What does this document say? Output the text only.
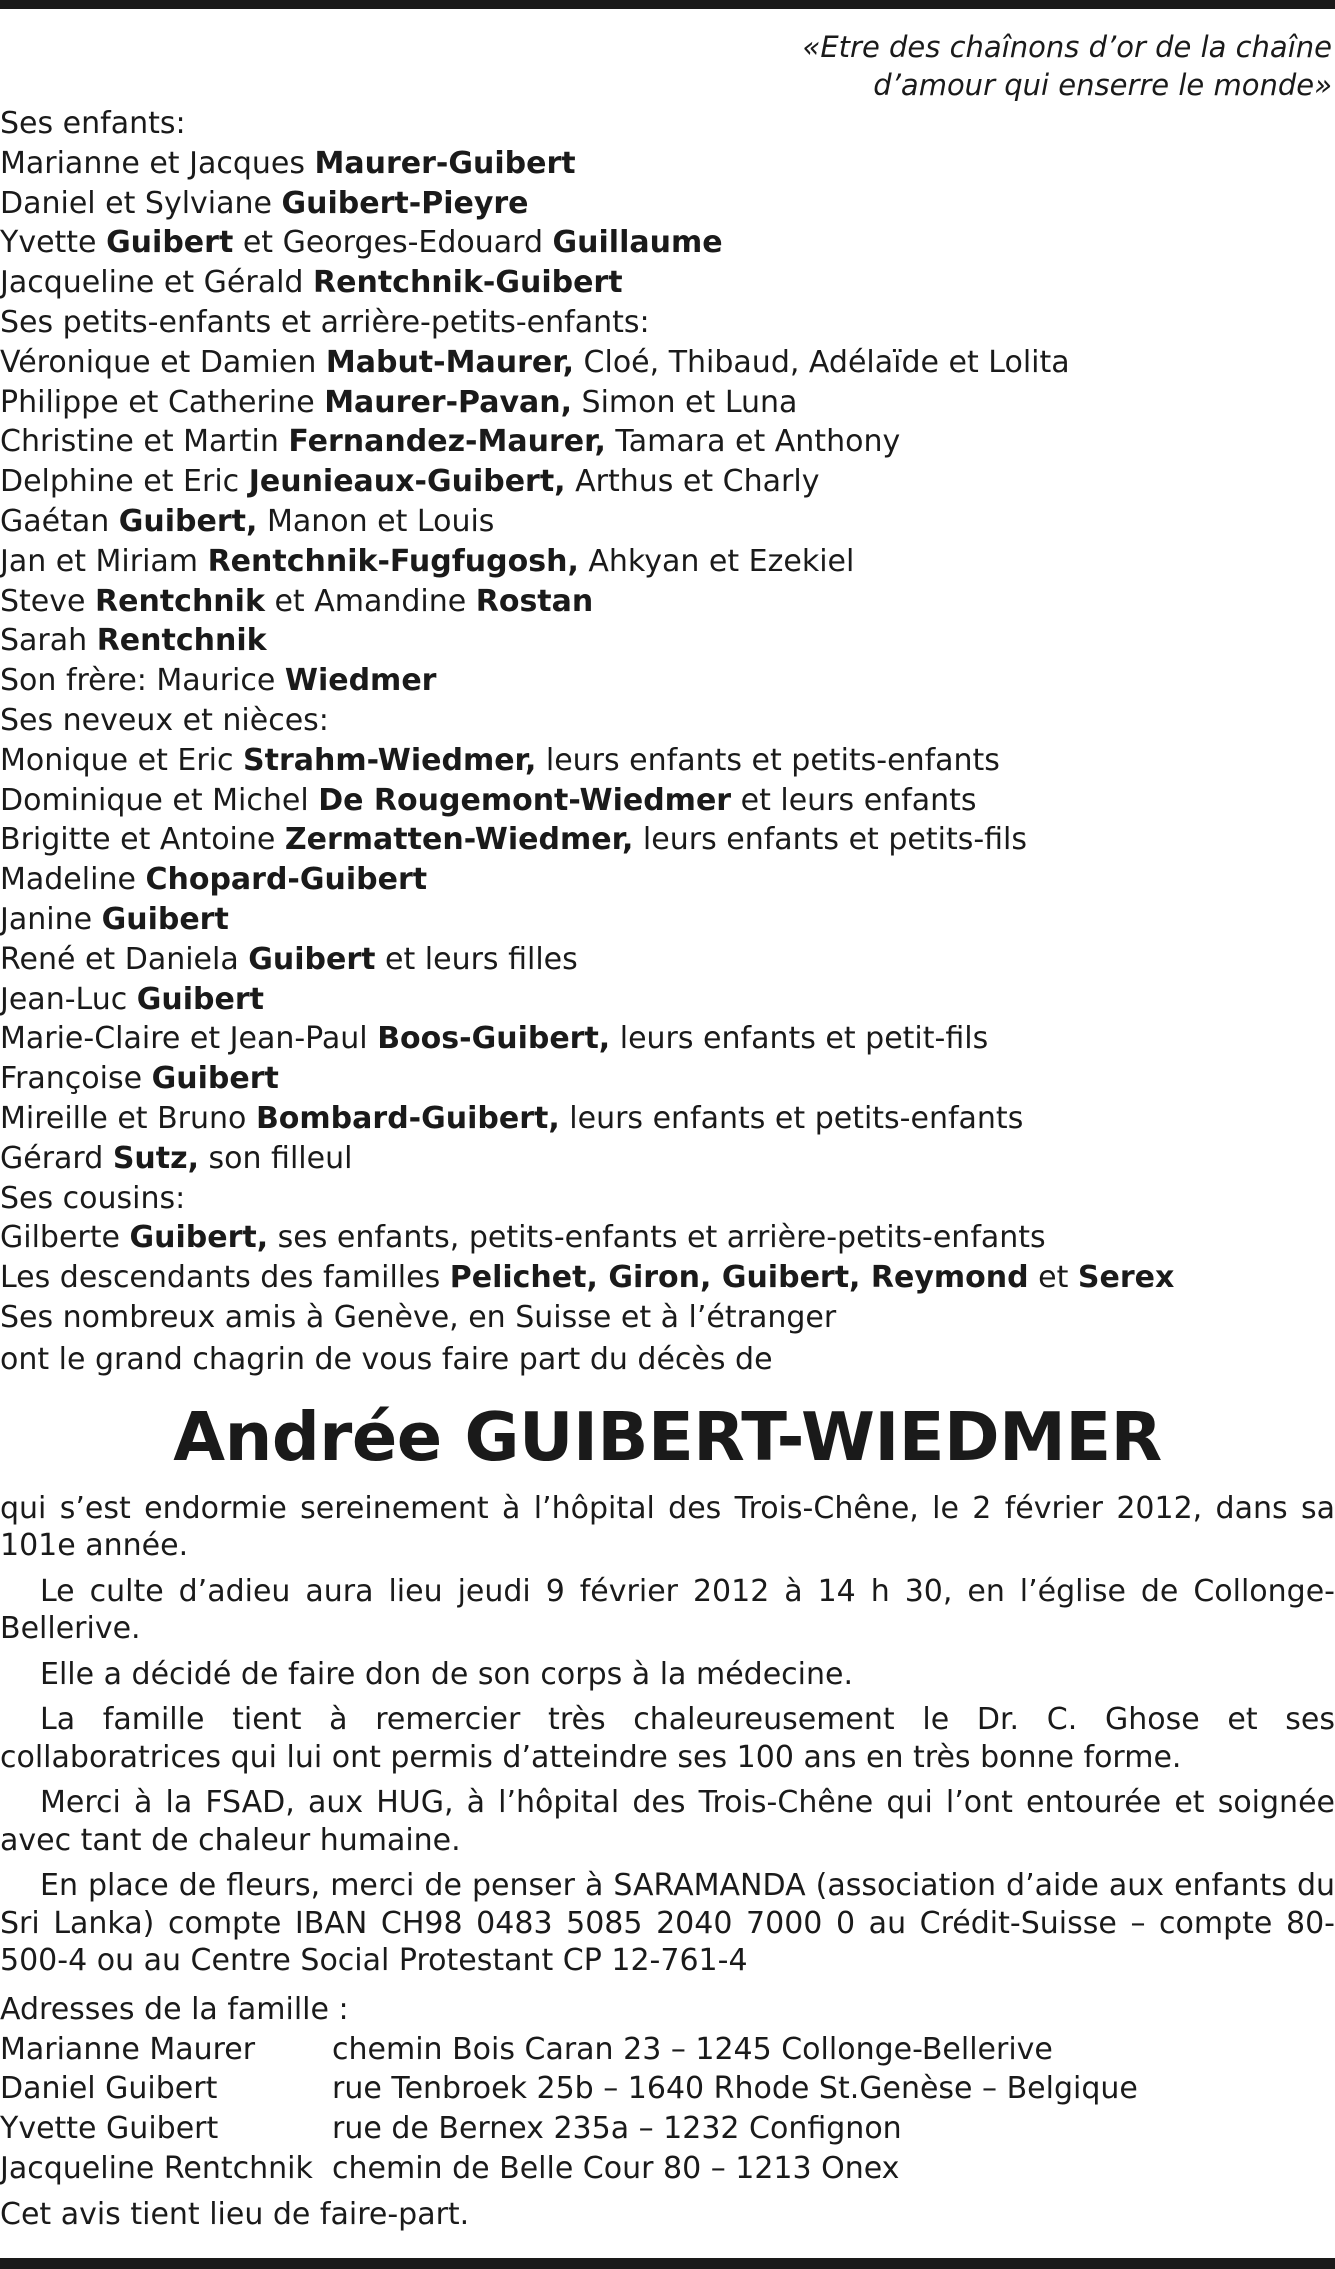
«Etre des chaînons d’or de la chaîne
d’amour qui enserre le monde»
Ses enfants:
Marianne et Jacques Maurer-Guibert
Daniel et Sylviane Guibert-Pieyre
Yvette Guibert et Georges-Edouard Guillaume
Jacqueline et Gérald Rentchnik-Guibert
Ses petits-enfants et arrière-petits-enfants:
Véronique et Damien Mabut-Maurer, Cloé, Thibaud, Adélaïde et Lolita
Philippe et Catherine Maurer-Pavan, Simon et Luna
Christine et Martin Fernandez-Maurer, Tamara et Anthony
Delphine et Eric Jeunieaux-Guibert, Arthus et Charly
Gaétan Guibert, Manon et Louis
Jan et Miriam Rentchnik-Fugfugosh, Ahkyan et Ezekiel
Steve Rentchnik et Amandine Rostan
Sarah Rentchnik
Son frère: Maurice Wiedmer
Ses neveux et nièces:
Monique et Eric Strahm-Wiedmer, leurs enfants et petits-enfants
Dominique et Michel De Rougemont-Wiedmer et leurs enfants
Brigitte et Antoine Zermatten-Wiedmer, leurs enfants et petits-fils
Madeline Chopard-Guibert
Janine Guibert
René et Daniela Guibert et leurs filles
Jean-Luc Guibert
Marie-Claire et Jean-Paul Boos-Guibert, leurs enfants et petit-fils
Françoise Guibert
Mireille et Bruno Bombard-Guibert, leurs enfants et petits-enfants
Gérard Sutz, son filleul
Ses cousins:
Gilberte Guibert, ses enfants, petits-enfants et arrière-petits-enfants
Les descendants des familles Pelichet, Giron, Guibert, Reymond et Serex
Ses nombreux amis à Genève, en Suisse et à l’étranger
ont le grand chagrin de vous faire part du décès de
Andrée GUIBERT-WIEDMER

qui s’est endormie sereinement à l’hôpital des Trois-Chêne, le 2 février 2012, dans sa 101e année.

Le culte d’adieu aura lieu jeudi 9 février 2012 à 14 h 30, en l’église de Collonge-Bellerive.

Elle a décidé de faire don de son corps à la médecine.

La famille tient à remercier très chaleureusement le Dr. C. Ghose et ses collaboratrices qui lui ont permis d’atteindre ses 100 ans en très bonne forme.

Merci à la FSAD, aux HUG, à l’hôpital des Trois-Chêne qui l’ont entourée et soignée avec tant de chaleur humaine.

En place de fleurs, merci de penser à SARAMANDA (association d’aide aux enfants du Sri Lanka) compte IBAN CH98 0483 5085 2040 7000 0 au Crédit-Suisse – compte 80-500-4 ou au Centre Social Protestant CP 12-761-4

Adresses de la famille :
Marianne Maurer	chemin Bois Caran 23 – 1245 Collonge-Bellerive
Daniel Guibert	rue Tenbroek 25b – 1640 Rhode St.Genèse – Belgique
Yvette Guibert	rue de Bernex 235a – 1232 Confignon
Jacqueline Rentchnik chemin de Belle Cour 80 – 1213 Onex
Cet avis tient lieu de faire-part.
